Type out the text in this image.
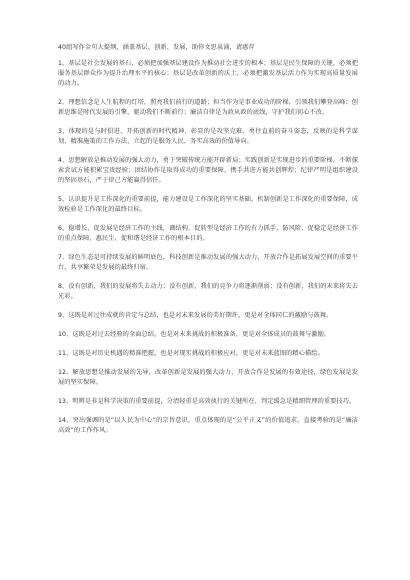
40组写作金句大提纲，涵盖基层、创新、发展，助你文思泉涌，请惠存

1、基层是社会发展的基石，必须把加强基层建设作为推动社会进步的根本；基层是民生保障的关键，必须把服务基层群众作为提升治理水平的核心；基层是改革创新的沃土，必须把激发基层活力作为实现高质量发展的动力。

2、理想信念是人生航程的灯塔，照亮我们前行的道路；担当作为是事业成功的阶梯，引领我们攀登高峰；创新思维是时代发展的引擎，驱动我们不断前行；廉洁自律是为政从政的底线，守护我们初心不改。

3、体现的是与时俱进、开拓创新的时代精神，彰显的是攻坚克难、勇往直前的奋斗姿态，反映的是科学谋划、精准施策的工作方法，立起的是服务人民、务实高效的价值导向。

4、思想解放是推动发展的强大动力，勇于突破传统方能开辟新局；实践创新是实现进步的重要阶梯，不断探索尝试方能积累宝贵经验；团结协作是取得成功的重要保障，携手共进方能共创辉煌；纪律严明是组织建设的坚固基石，严于律己方能赢得信任。

5、认识提升是工作深化的重要前提，能力建设是工作深化的坚实基础，机制创新是工作深化的重要保障，成效检验是工作深化的最终目标。

6、稳增长、促发展是经济工作的主线，调结构、促转型是经济工作的有力抓手，防风险、促稳定是经济工作的重点保障，惠民生、促和谐是经济工作的根本目的。

7、绿色生态是可持续发展的鲜明底色，科技创新是推动发展的强大动力，开放合作是拓展发展空间的重要平台，共享繁荣是发展的最终归宿。

8、没有创新，我们的发展将失去动力；没有创新，我们的竞争力将逐渐削弱；没有创新，我们的未来将失去光彩。

9、这既是对过往成就的肯定与总结，也是对未来发展的美好期许，更是对全体同仁的激励与鼓舞。

10、这既是对过去经验的全面总结，也是对未来挑战的积极准备，更是对全体成员的鼓舞与激励。

11、这既是对历史机遇的精准把握，也是对现实挑战的积极应对，更是对未来蓝图的精心描绘。

12、解放思想是推动发展的先导，改革创新是发展的强大动力，开放合作是发展的有效途径，绿色发展是发展的坚实保障。

13、明辨是非是科学决策的重要前提，分清轻重是高效执行的关键所在，判定缓急是精细管理的重要技巧。

14、突出强调的是“以人民为中心”的宗旨意识，重点体现的是“公平正义”的价值追求，直接考验的是“廉洁高效”的工作作风。
